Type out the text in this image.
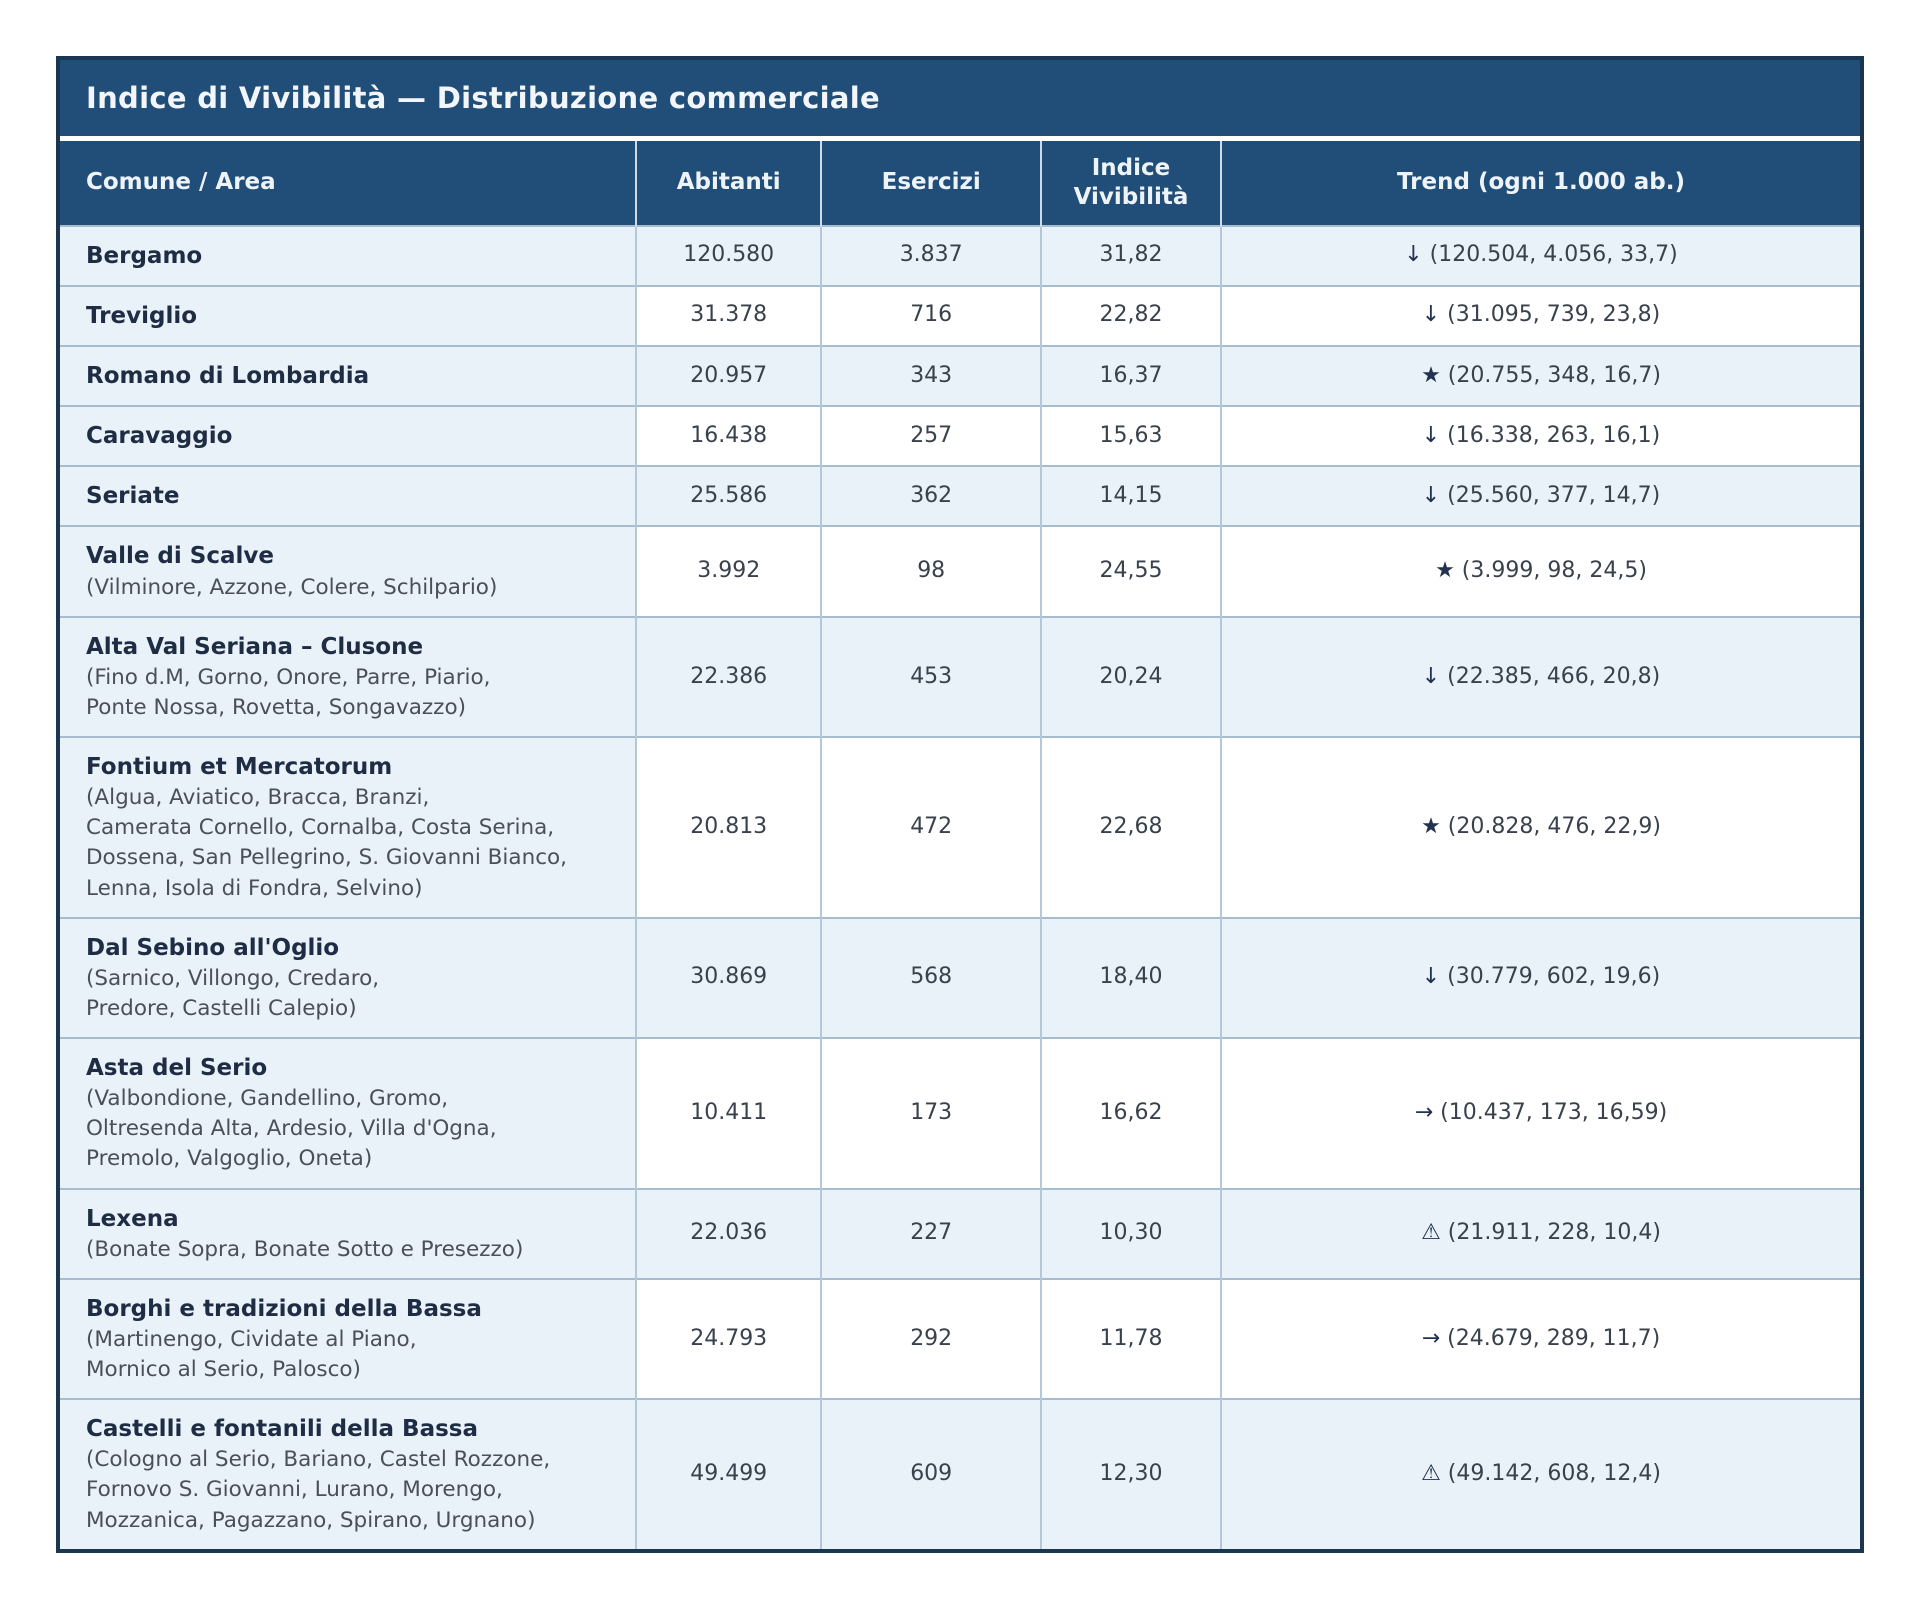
Indice di Vivibilità — Distribuzione commerciale
Comune / Area	Abitanti	Esercizi	Indice Vivibilità	Trend (ogni 1.000 ab.)

Bergamo	120.580	3.837	31,82	↓ (120.504, 4.056, 33,7)

Treviglio	31.378	716	22,82	↓ (31.095, 739, 23,8)

Romano di Lombardia	20.957	343	16,37	★ (20.755, 348, 16,7)

Caravaggio	16.438	257	15,63	↓ (16.338, 263, 16,1)

Seriate	25.586	362	14,15	↓ (25.560, 377, 14,7)

Valle di Scalve
(Vilminore, Azzone, Colere, Schilpario)	3.992	98	24,55	★ (3.999, 98, 24,5)

Alta Val Seriana – Clusone
(Fino d.M, Gorno, Onore, Parre, Piario,
Ponte Nossa, Rovetta, Songavazzo)	22.386	453	20,24	↓ (22.385, 466, 20,8)

Fontium et Mercatorum
(Algua, Aviatico, Bracca, Branzi,
Camerata Cornello, Cornalba, Costa Serina,
Dossena, San Pellegrino, S. Giovanni Bianco,
Lenna, Isola di Fondra, Selvino)	20.813	472	22,68	★ (20.828, 476, 22,9)

Dal Sebino all'Oglio
(Sarnico, Villongo, Credaro,
Predore, Castelli Calepio)	30.869	568	18,40	↓ (30.779, 602, 19,6)

Asta del Serio
(Valbondione, Gandellino, Gromo,
Oltresenda Alta, Ardesio, Villa d'Ogna,
Premolo, Valgoglio, Oneta)	10.411	173	16,62	→ (10.437, 173, 16,59)

Lexena
(Bonate Sopra, Bonate Sotto e Presezzo)	22.036	227	10,30	⚠ (21.911, 228, 10,4)

Borghi e tradizioni della Bassa
(Martinengo, Cividate al Piano,
Mornico al Serio, Palosco)	24.793	292	11,78	→ (24.679, 289, 11,7)

Castelli e fontanili della Bassa
(Cologno al Serio, Bariano, Castel Rozzone,
Fornovo S. Giovanni, Lurano, Morengo,
Mozzanica, Pagazzano, Spirano, Urgnano)	49.499	609	12,30	⚠ (49.142, 608, 12,4)
